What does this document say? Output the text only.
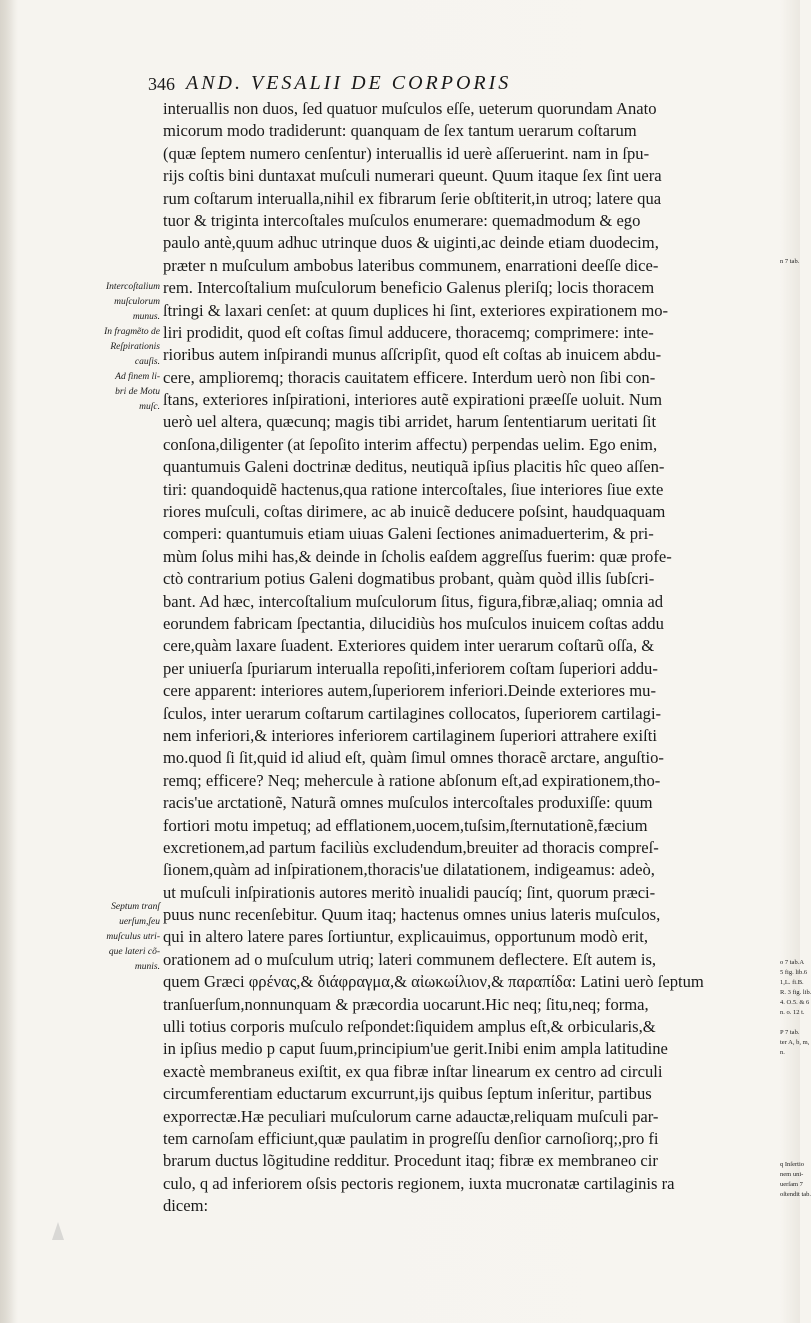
346 AND. VESALII DE CORPORIS
interuallis non duos, ſed quatuor muſculos eſſe, ueterum quorundam Anato
micorum modo tradiderunt: quanquam de ſex tantum uerarum coſtarum
(quæ ſeptem numero cenſentur) interuallis id uerè aſſeruerint. nam in ſpu-
rijs coſtis bini duntaxat muſculi numerari queunt. Quum itaque ſex ſint uera
rum coſtarum interualla,nihil ex fibrarum ſerie obſtiterit,in utroq; latere qua
tuor & triginta intercoſtales muſculos enumerare: quemadmodum & ego
paulo antè,quum adhuc utrinque duos & uiginti,ac deinde etiam duodecim,
præter n muſculum ambobus lateribus communem, enarrationi deeſſe dice-
rem. Intercoſtalium muſculorum beneficio Galenus pleriſq; locis thoracem
ſtringi & laxari cenſet: at quum duplices hi ſint, exteriores expirationem mo-
liri prodidit, quod eſt coſtas ſimul adducere, thoracemq; comprimere: inte-
rioribus autem inſpirandi munus aſſcripſit, quod eſt coſtas ab inuicem abdu-
cere, amplioremq; thoracis cauitatem efficere. Interdum uerò non ſibi con-
ſtans, exteriores inſpirationi, interiores autẽ expirationi præeſſe uoluit. Num
uerò uel altera, quæcunq; magis tibi arridet, harum ſententiarum ueritati ſit
conſona,diligenter (at ſepoſito interim affectu) perpendas uelim. Ego enim,
quantumuis Galeni doctrinæ deditus, neutiquã ipſius placitis hîc queo aſſen-
tiri: quandoquidẽ hactenus,qua ratione intercoſtales, ſiue interiores ſiue exte
riores muſculi, coſtas dirimere, ac ab inuicẽ deducere poſsint, haudquaquam
comperi: quantumuis etiam uiuas Galeni ſectiones animaduerterim, & pri-
mùm ſolus mihi has,& deinde in ſcholis eaſdem aggreſſus fuerim: quæ profe-
ctò contrarium potius Galeni dogmatibus probant, quàm quòd illis ſubſcri-
bant. Ad hæc, intercoſtalium muſculorum ſitus, figura,fibræ,aliaq; omnia ad
eorundem fabricam ſpectantia, dilucidiùs hos muſculos inuicem coſtas addu
cere,quàm laxare ſuadent. Exteriores quidem inter uerarum coſtarũ oſſa, &
per uniuerſa ſpuriarum interualla repoſiti,inferiorem coſtam ſuperiori addu-
cere apparent: interiores autem,ſuperiorem inferiori.Deinde exteriores mu-
ſculos, inter uerarum coſtarum cartilagines collocatos, ſuperiorem cartilagi-
nem inferiori,& interiores inferiorem cartilaginem ſuperiori attrahere exiſti
mo.quod ſi ſit,quid id aliud eſt, quàm ſimul omnes thoracẽ arctare, anguſtio-
remq; efficere? Neq; mehercule à ratione abſonum eſt,ad expirationem,tho-
racis'ue arctationẽ, Naturã omnes muſculos intercoſtales produxiſſe: quum
fortiori motu impetuq; ad efflationem,uocem,tuſsim,ſternutationẽ,fæcium
excretionem,ad partum faciliùs excludendum,breuiter ad thoracis compreſ-
ſionem,quàm ad inſpirationem,thoracis'ue dilatationem, indigeamus: adeò,
ut muſculi inſpirationis autores meritò inualidi paucíq; ſint, quorum præci-
puus nunc recenſebitur. Quum itaq; hactenus omnes unius lateris muſculos,
qui in altero latere pares ſortiuntur, explicauimus, opportunum modò erit,
orationem ad o muſculum utriq; lateri communem deflectere. Eſt autem is,
quem Græci φρένας,& διάφραγμα,& αἰωκωίλιον,& παραπίδα: Latini uerò ſeptum
tranſuerſum,nonnunquam & præcordia uocarunt.Hic neq; ſitu,neq; forma,
ulli totius corporis muſculo reſpondet:ſiquidem amplus eſt,& orbicularis,&
in ipſius medio p caput ſuum,principium'ue gerit.Inibi enim ampla latitudine
exactè membraneus exiſtit, ex qua fibræ inſtar linearum ex centro ad circuli
circumferentiam eductarum excurrunt,ijs quibus ſeptum inſeritur, partibus
exporrectæ.Hæ peculiari muſculorum carne adauctæ,reliquam muſculi par-
tem carnoſam efficiunt,quæ paulatim in progreſſu denſior carnoſiorq;,pro fi
brarum ductus lõgitudine redditur. Procedunt itaq; fibræ ex membraneo cir
culo, q ad inferiorem oſsis pectoris regionem, iuxta mucronatæ cartilaginis ra
dicem:
Intercoſtalium
muſculorum
munus.
In fragmẽto de
Reſpirationis
cauſis.
Ad finem li-
bri de Motu
muſc.
Septum tranſ
uerſum,ſeu
muſculus utri-
que lateri cõ-
munis.
n 7 tab.
o 7 tab.A
5 fig. lib.6
1,L. fi.B.
R. 3 fig. lib.
4. O.5. & 6
n. o. 12 t.
P 7 tab.
ter A, b, m,
n.
q Inſertio
nem uni-
uerſam 7
oſtendit tab.
